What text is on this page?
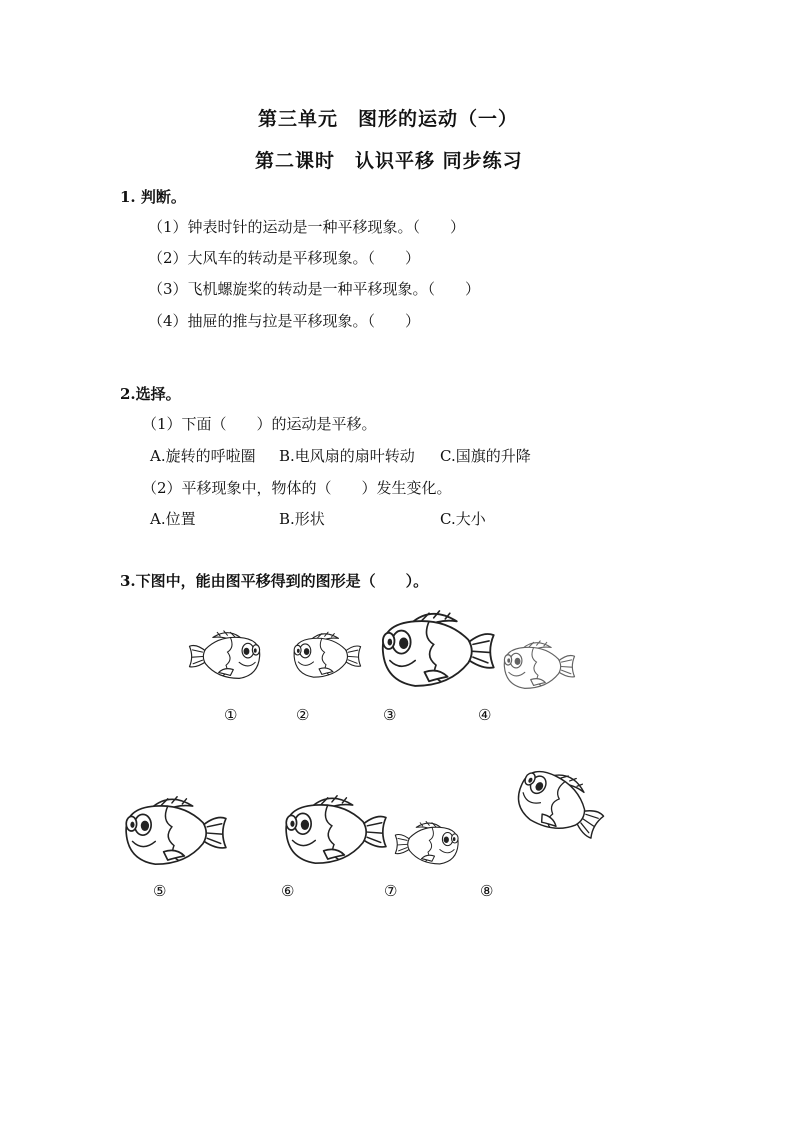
第三单元　图形的运动（一）
第二课时　认识平移 同步练习
1. 判断。
（1）钟表时针的运动是一种平移现象。（　　）
（2）大风车的转动是平移现象。（　　）
（3）飞机螺旋桨的转动是一种平移现象。（　　）
（4）抽屉的推与拉是平移现象。（　　）
2.选择。
（1）下面（　　）的运动是平移。
A.旋转的呼啦圈 B.电风扇的扇叶转动 C.国旗的升降
（2）平移现象中，物体的（　　）发生变化。
A.位置	B.形状	C.大小
3.下图中，能由图平移得到的图形是（　　）。
①	②	③	④
⑤	⑥	⑦	⑧
